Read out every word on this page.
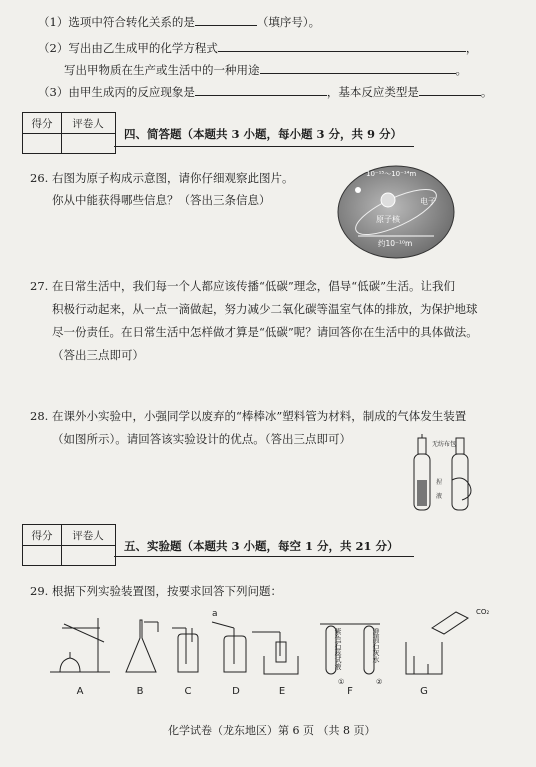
（1）选项中符合转化关系的是	（填序号）。
（2）写出由乙生成甲的化学方程式	，
写出甲物质在生产或生活中的一种用途	。
（3）由甲生成丙的反应现象是	，基本反应类型是	。
得分	评卷人
四、简答题（本题共 3 小题，每小题 3 分，共 9 分）
26. 右图为原子构成示意图，请你仔细观察此图片。
你从中能获得哪些信息？（答出三条信息）
10⁻¹⁵～10⁻¹⁴m
电子
原子核
约10⁻¹⁰m
27. 在日常生活中，我们每一个人都应该传播“低碳”理念，倡导“低碳”生活。让我们
积极行动起来，从一点一滴做起，努力减少二氧化碳等温室气体的排放，为保护地球
尽一份责任。在日常生活中怎样做才算是“低碳”呢？请回答你在生活中的具体做法。
（答出三点即可）
28. 在课外小实验中，小强同学以废弃的“棒棒冰”塑料管为材料，制成的气体发生装置
（如图所示）。请回答该实验设计的优点。（答出三点即可）	无纺布包
捏
液
得分	评卷人
五、实验题（本题共 3 小题，每空 1 分，共 21 分）
29. 根据下列实验装置图，按要求回答下列问题：
a	CO₂
紫色石蕊试液
①
澄清石灰水
②
A	B	C	D	E	F	G
化学试卷（龙东地区）第 6 页 （共 8 页）
